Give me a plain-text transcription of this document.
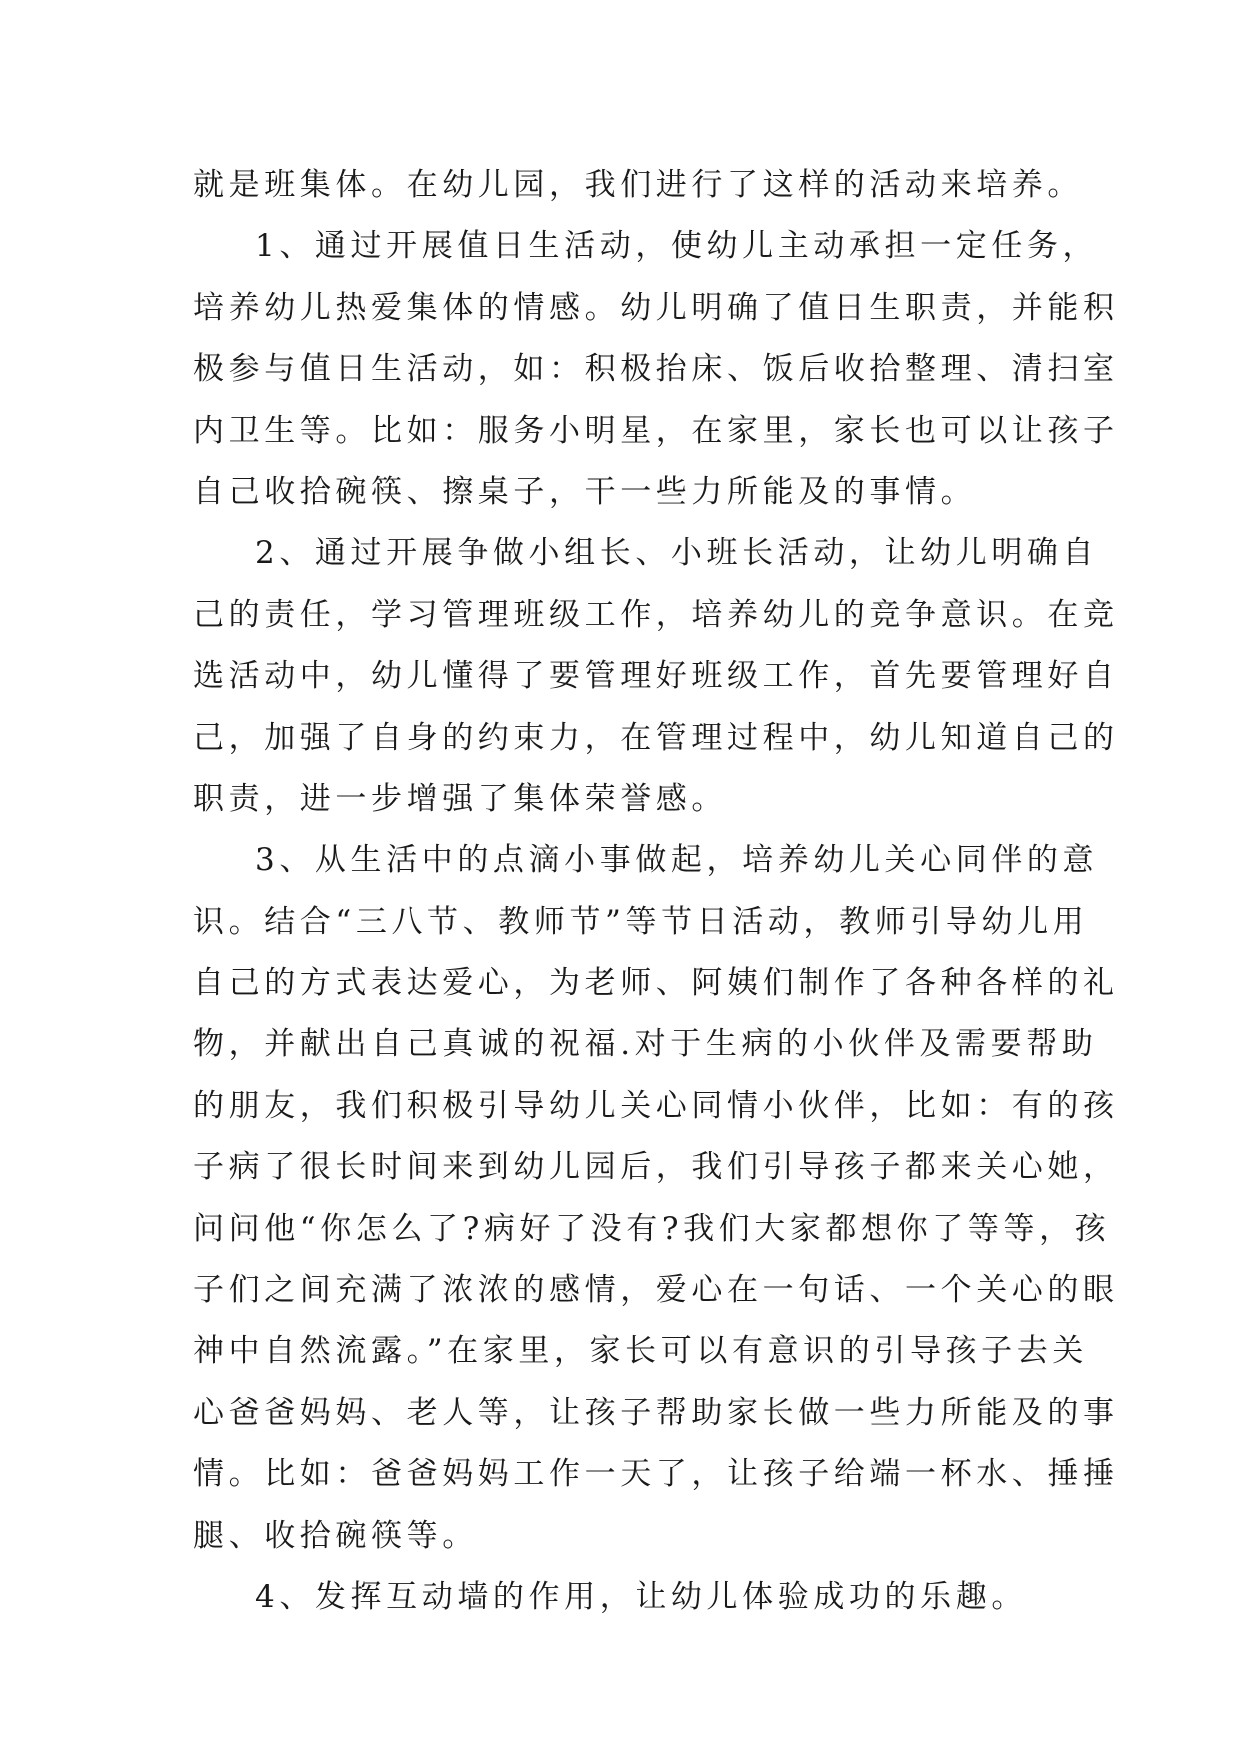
就是班集体。在幼儿园，我们进行了这样的活动来培养。
1、通过开展值日生活动，使幼儿主动承担一定任务，
培养幼儿热爱集体的情感。幼儿明确了值日生职责，并能积
极参与值日生活动，如：积极抬床、饭后收拾整理、清扫室
内卫生等。比如：服务小明星，在家里，家长也可以让孩子
自己收拾碗筷、擦桌子，干一些力所能及的事情。
2、通过开展争做小组长、小班长活动，让幼儿明确自
己的责任，学习管理班级工作，培养幼儿的竞争意识。在竞
选活动中，幼儿懂得了要管理好班级工作，首先要管理好自
己，加强了自身的约束力，在管理过程中，幼儿知道自己的
职责，进一步增强了集体荣誉感。
3、从生活中的点滴小事做起，培养幼儿关心同伴的意
识。结合“三八节、教师节”等节日活动，教师引导幼儿用
自己的方式表达爱心，为老师、阿姨们制作了各种各样的礼
物，并献出自己真诚的祝福.对于生病的小伙伴及需要帮助
的朋友，我们积极引导幼儿关心同情小伙伴，比如：有的孩
子病了很长时间来到幼儿园后，我们引导孩子都来关心她，
问问他“你怎么了?病好了没有?我们大家都想你了等等，孩
子们之间充满了浓浓的感情，爱心在一句话、一个关心的眼
神中自然流露。”在家里，家长可以有意识的引导孩子去关
心爸爸妈妈、老人等，让孩子帮助家长做一些力所能及的事
情。比如：爸爸妈妈工作一天了，让孩子给端一杯水、捶捶
腿、收拾碗筷等。
4、发挥互动墙的作用，让幼儿体验成功的乐趣。
